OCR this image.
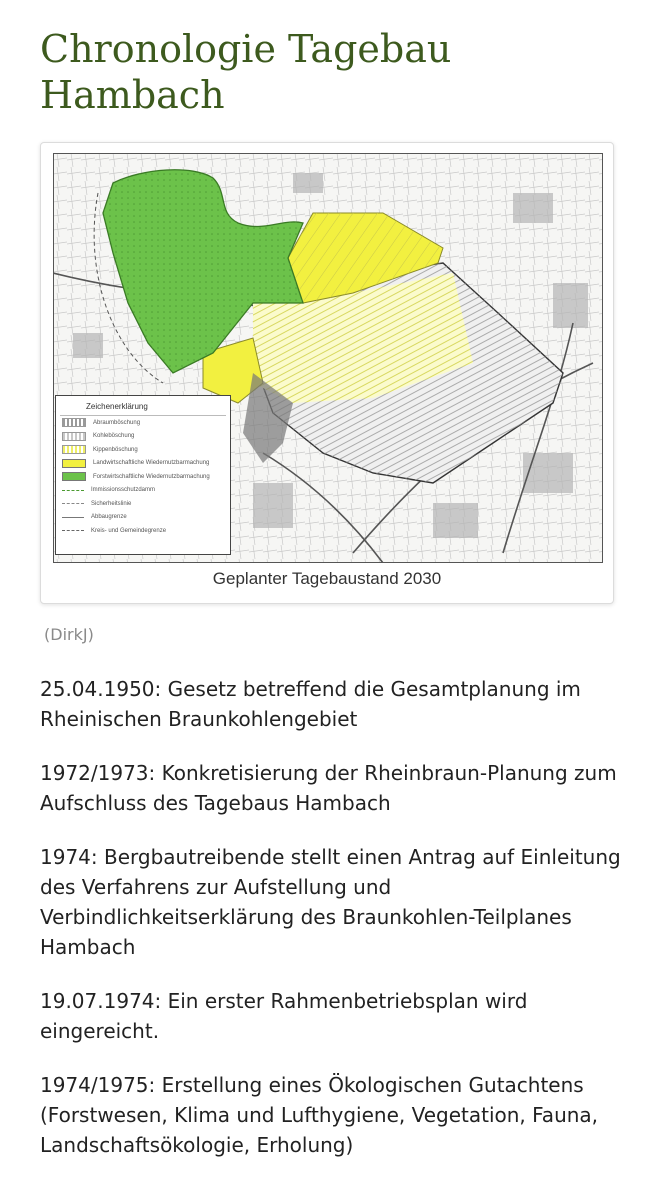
Chronologie Tagebau Hambach
Zeichenerklärung
Abraumböschung
Kohleböschung
Kippenböschung
Landwirtschaftliche Wiedernutzbarmachung
Forstwirtschaftliche Wiedernutzbarmachung
Immissionsschutzdamm
Sicherheitslinie
Abbaugrenze
Kreis- und Gemeindegrenze
Geplanter Tagebaustand 2030
(DirkJ)

25.04.1950: Gesetz betreffend die Gesamtplanung im Rheinischen Braunkohlengebiet

1972/1973: Konkretisierung der Rheinbraun-Planung zum Aufschluss des Tagebaus Hambach

1974: Bergbautreibende stellt einen Antrag auf Einleitung des Verfahrens zur Aufstellung und Verbindlichkeitserklärung des Braunkohlen-Teilplanes Hambach

19.07.1974: Ein erster Rahmenbetriebsplan wird eingereicht.

1974/1975: Erstellung eines Ökologischen Gutachtens (Forstwesen, Klima und Lufthygiene, Vegetation, Fauna, Landschaftsökologie, Erholung)
